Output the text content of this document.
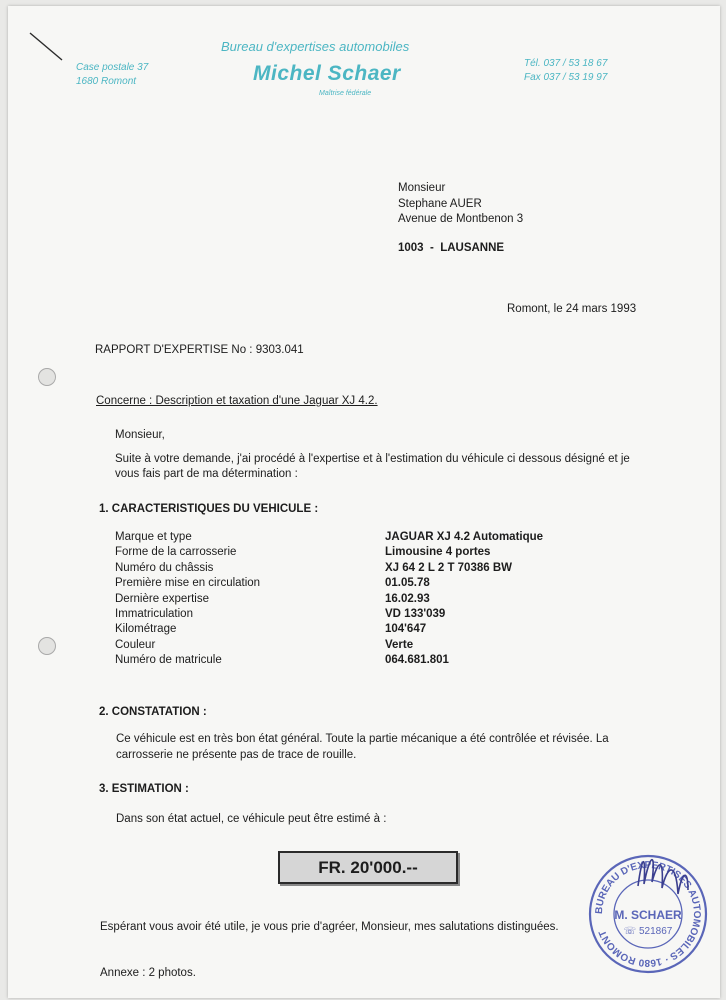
Bureau d'expertises automobiles
Michel Schaer
Maîtrise fédérale
Case postale 37
1680 Romont
Tél. 037 / 53 18 67
Fax 037 / 53 19 97
Monsieur
Stephane AUER
Avenue de Montbenon 3
1003  -  LAUSANNE
Romont, le 24 mars 1993
RAPPORT D'EXPERTISE No : 9303.041
Concerne : Description et taxation d'une Jaguar XJ 4.2.
Monsieur,
Suite à votre demande, j'ai procédé à l'expertise et à l'estimation du véhicule ci dessous désigné et je
vous fais part de ma détermination :
1. CARACTERISTIQUES DU VEHICULE :
Marque et type	JAGUAR XJ 4.2 Automatique
Forme de la carrosserie	Limousine 4 portes
Numéro du châssis	XJ 64 2 L 2 T 70386 BW
Première mise en circulation	01.05.78
Dernière expertise	16.02.93
Immatriculation	VD 133'039
Kilométrage	104'647
Couleur	Verte
Numéro de matricule	064.681.801
2. CONSTATATION :
Ce véhicule est en très bon état général. Toute la partie mécanique a été contrôlée et révisée. La
carrosserie ne présente pas de trace de rouille.
3. ESTIMATION :
Dans son état actuel, ce véhicule peut être estimé à :
FR. 20'000.--
Espérant vous avoir été utile, je vous prie d'agréer, Monsieur, mes salutations distinguées.
Annexe : 2 photos.
BUREAU D'EXPERTISES AUTOMOBILES · 1680 ROMONT
M. SCHAER
☏ 521867
